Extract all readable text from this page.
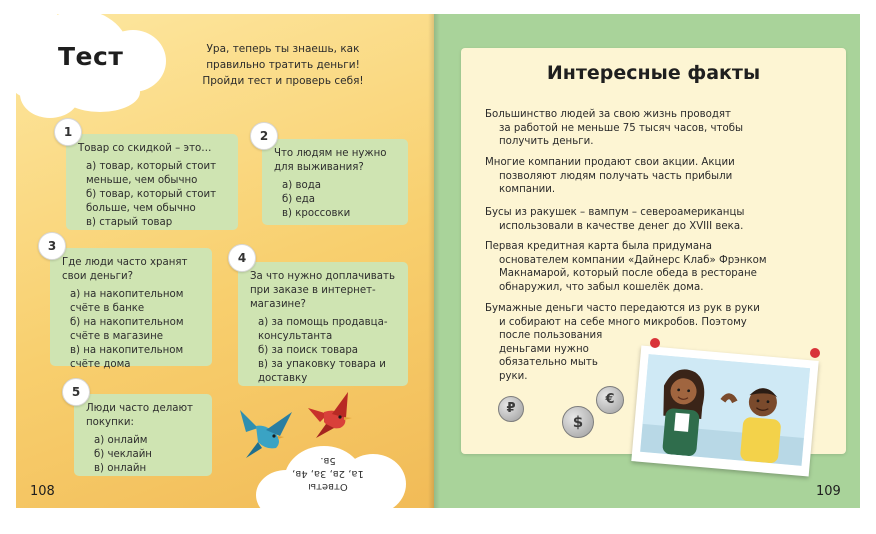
Тест	Ура, теперь ты знаешь, как
правильно тратить деньги!
Пройди тест и проверь себя!
Товар со скидкой – это…
а) товар, который стоит меньше, чем обычно
б) товар, который стоит больше, чем обычно
в) старый товар
1
Что людям не нужно для выживания?
а) вода
б) еда
в) кроссовки
2
Где люди часто хранят свои деньги?
а) на накопительном счёте в банке
б) на накопительном счёте в магазине
в) на накопительном счёте дома
3
За что нужно доплачивать при заказе в интернет-магазине?
а) за помощь продавца-консультанта
б) за поиск товара
в) за упаковку товара и доставку
4
Люди часто делают покупки:
а) онлайм
б) чеклайн
в) онлайн
5
Ответы
1а, 2в, 3а, 4в,
5в.
108
Интересные факты
Большинство людей за свою жизнь проводят
за работой не меньше 75 тысяч часов, чтобы
получить деньги.
Многие компании продают свои акции. Акции
позволяют людям получать часть прибыли
компании.
Бусы из ракушек – вампум – североамериканцы
использовали в качестве денег до XVIII века.
Первая кредитная карта была придумана
основателем компании «Дайнерс Клаб» Фрэнком
Макнамарой, который после обеда в ресторане
обнаружил, что забыл кошелёк дома.
Бумажные деньги часто передаются из рук в руки
и собирают на себе много микробов. Поэтому
после пользования
деньгами нужно
обязательно мыть
руки.
₽
$
€
109
